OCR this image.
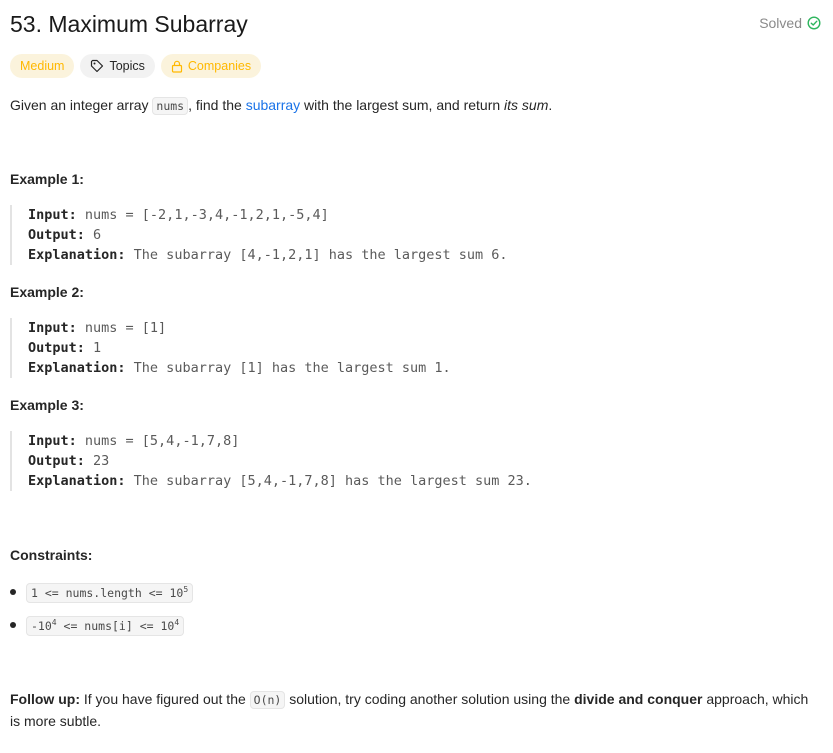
53. Maximum Subarray	Solved
Medium	Topics	Companies
Given an integer array nums , find the subarray with the largest sum, and return its sum.
Example 1:
Input: nums = [-2,1,-3,4,-1,2,1,-5,4]
Output: 6
Explanation: The subarray [4,-1,2,1] has the largest sum 6.
Example 2:
Input: nums = [1]
Output: 1
Explanation: The subarray [1] has the largest sum 1.
Example 3:
Input: nums = [5,4,-1,7,8]
Output: 23
Explanation: The subarray [5,4,-1,7,8] has the largest sum 23.
Constraints:
1 <= nums.length <= $10^5$
$-10^4$ <= nums[i] <= $10^4$
Follow up: If you have figured out the O(n) solution, try coding another solution using the divide and conquer approach, which is more subtle.
